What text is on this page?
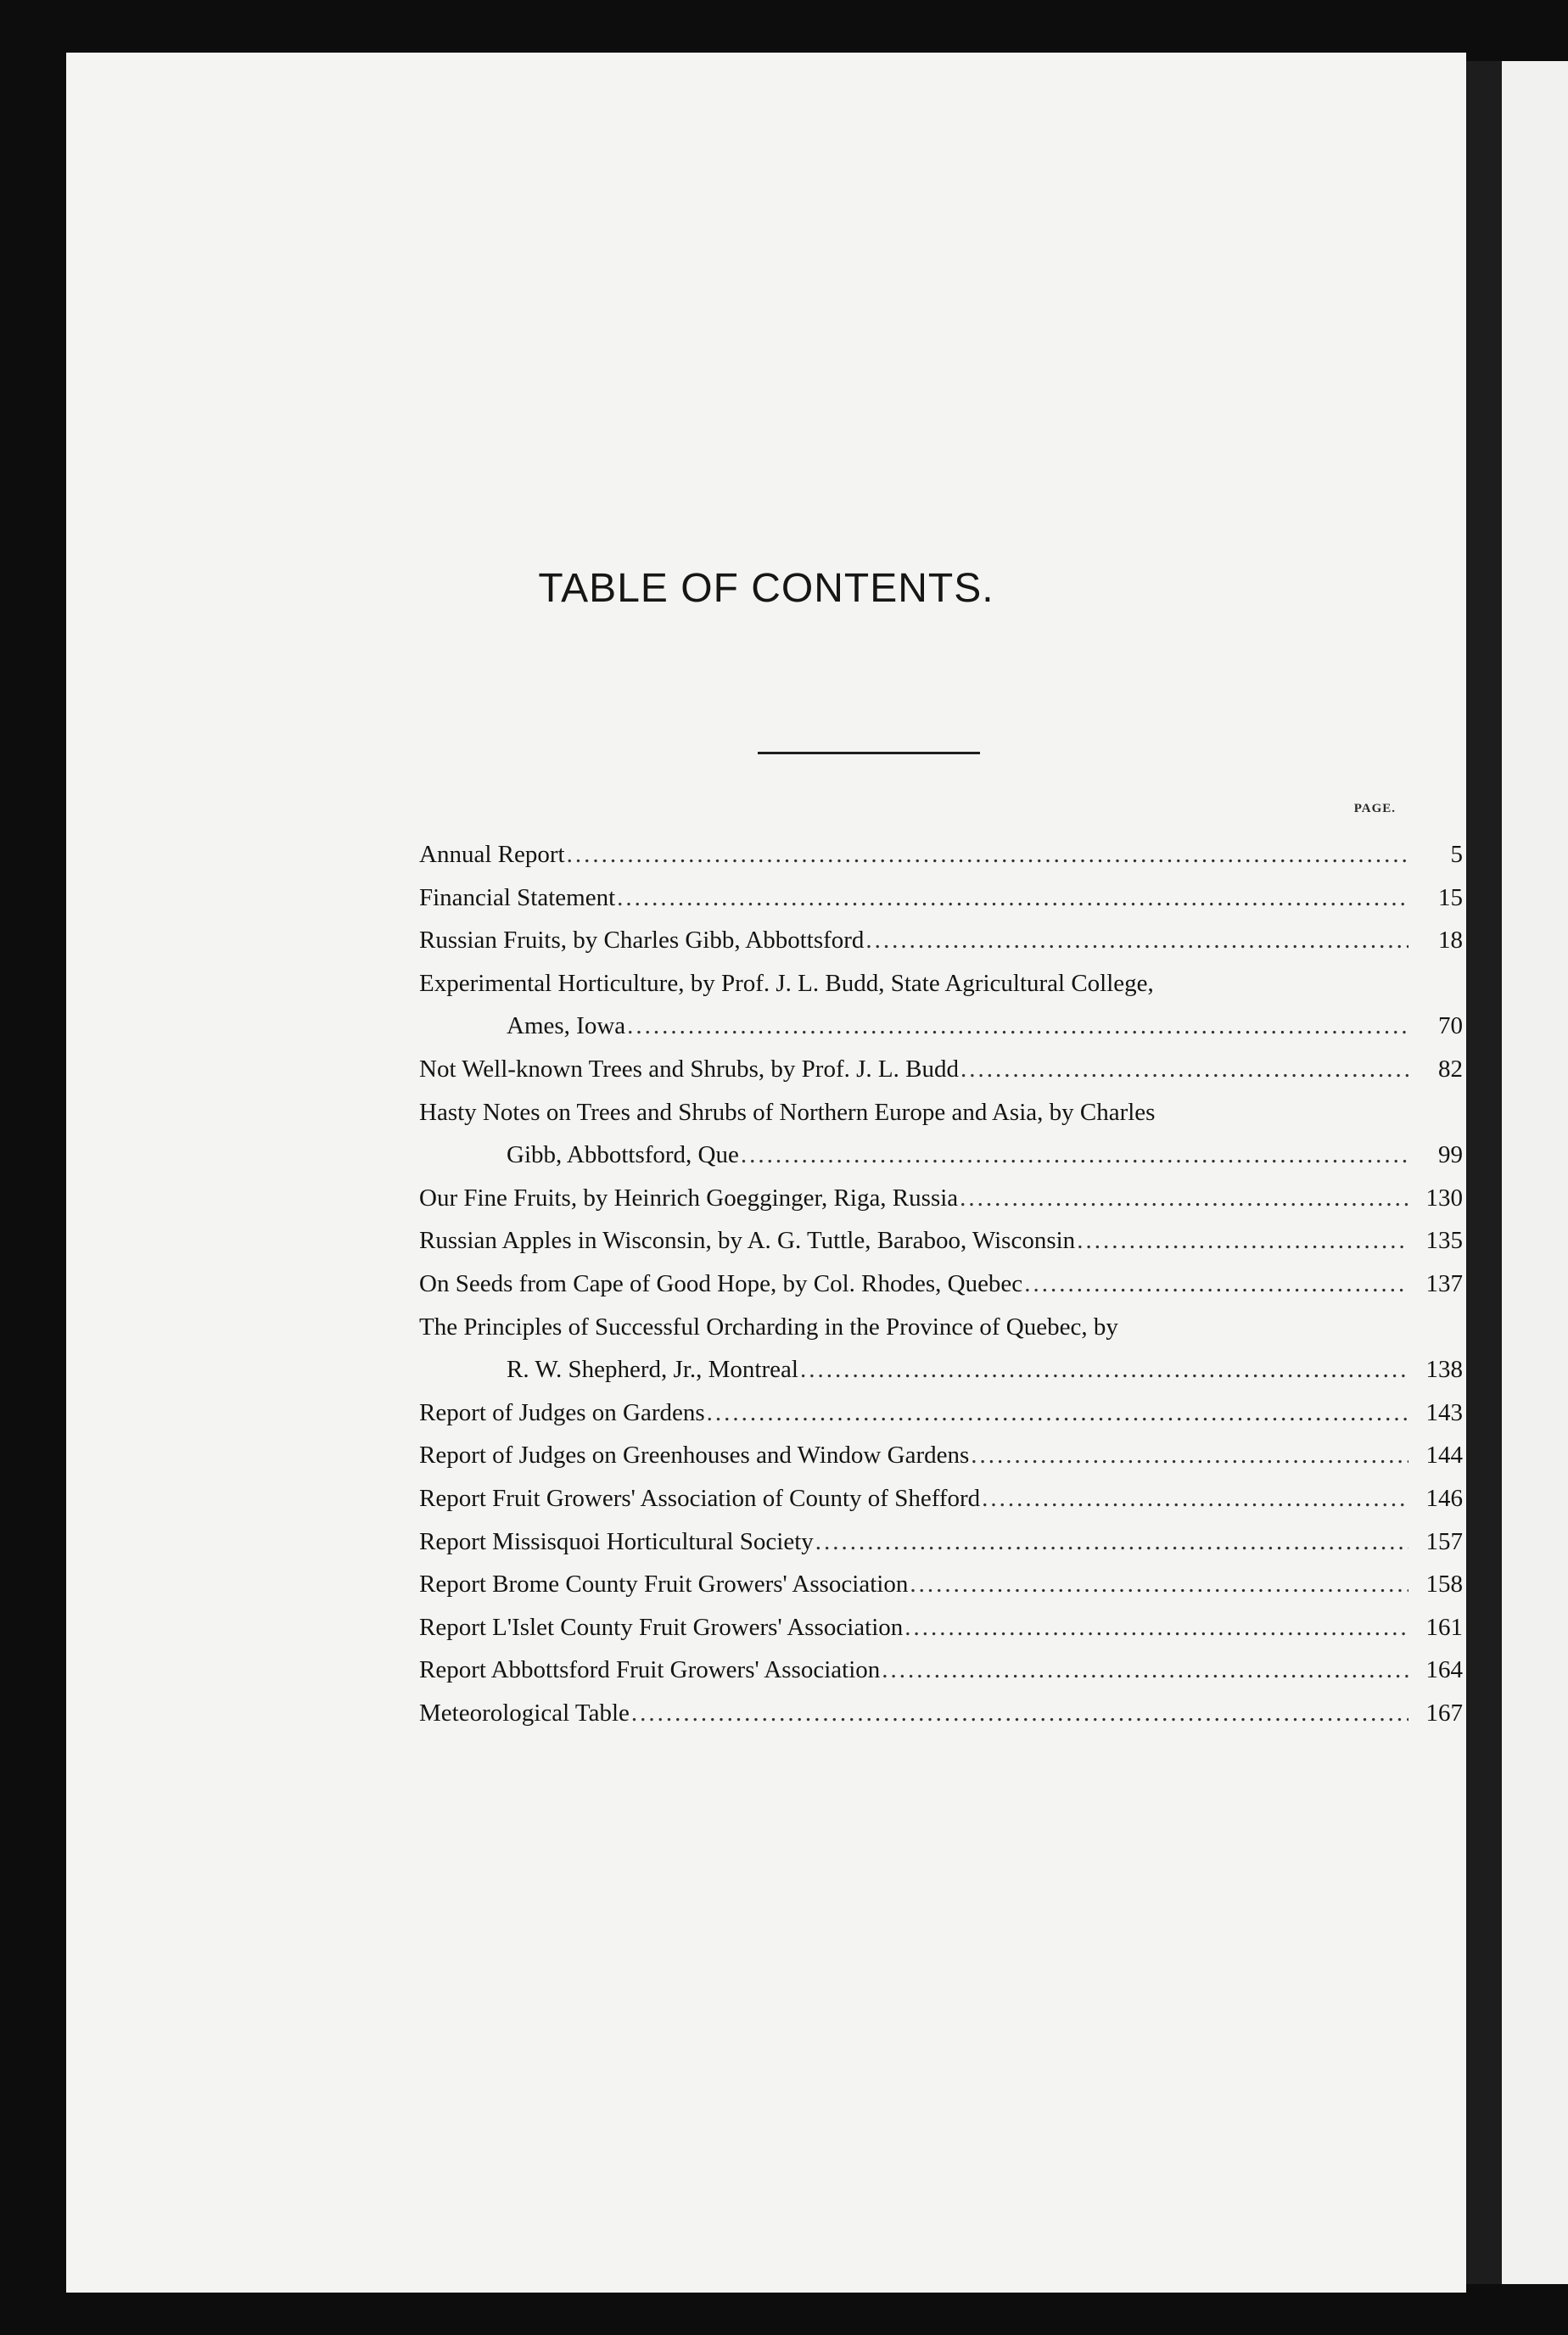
TABLE OF CONTENTS.
PAGE.
Annual Report .....	5
Financial Statement .....	15
Russian Fruits, by Charles Gibb, Abbottsford .....	18
Experimental Horticulture, by Prof. J. L. Budd, State Agricultural College,
Ames, Iowa .....	70
Not Well-known Trees and Shrubs, by Prof. J. L. Budd .....	82
Hasty Notes on Trees and Shrubs of Northern Europe and Asia, by Charles
Gibb, Abbottsford, Que .....	99
Our Fine Fruits, by Heinrich Goegginger, Riga, Russia .....	130
Russian Apples in Wisconsin, by A. G. Tuttle, Baraboo, Wisconsin .....	135
On Seeds from Cape of Good Hope, by Col. Rhodes, Quebec .....	137
The Principles of Successful Orcharding in the Province of Quebec, by
R. W. Shepherd, Jr., Montreal .....	138
Report of Judges on Gardens .....	143
Report of Judges on Greenhouses and Window Gardens .....	144
Report Fruit Growers' Association of County of Shefford .....	146
Report Missisquoi Horticultural Society .....	157
Report Brome County Fruit Growers' Association .....	158
Report L'Islet County Fruit Growers' Association .....	161
Report Abbottsford Fruit Growers' Association .....	164
Meteorological Table .....	167
